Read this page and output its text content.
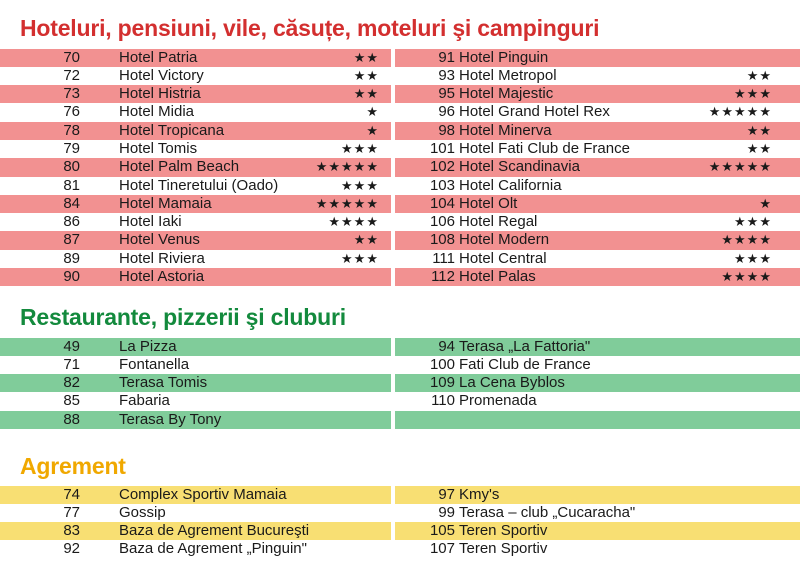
Hoteluri, pensiuni, vile, căsuțe, moteluri şi campinguri
70	Hotel Patria	★★
72	Hotel Victory	★★
73	Hotel Histria	★★
76	Hotel Midia	★
78	Hotel Tropicana	★
79	Hotel Tomis	★★★
80	Hotel Palm Beach	★★★★★
81	Hotel Tineretului (Oado)	★★★
84	Hotel Mamaia	★★★★★
86	Hotel Iaki	★★★★
87	Hotel Venus	★★
89	Hotel Riviera	★★★
90	Hotel Astoria
91 Hotel Pinguin
93 Hotel Metropol	★★
95 Hotel Majestic	★★★
96 Hotel Grand Hotel Rex	★★★★★
98 Hotel Minerva	★★
101 Hotel Fati Club de France	★★
102 Hotel Scandinavia	★★★★★
103 Hotel California
104 Hotel Olt	★
106 Hotel Regal	★★★
108 Hotel Modern	★★★★
111 Hotel Central	★★★
112 Hotel Palas	★★★★
Restaurante, pizzerii şi cluburi
49	La Pizza
71	Fontanella
82	Terasa Tomis
85	Fabaria
88	Terasa By Tony
94 Terasa „La Fattoria"
100 Fati Club de France
109 La Cena Byblos
110 Promenada
Agrement
74	Complex Sportiv Mamaia
77	Gossip
83	Baza de Agrement Bucureşti
92	Baza de Agrement „Pinguin"
97 Kmy's
99 Terasa – club „Cucaracha"
105 Teren Sportiv
107 Teren Sportiv
